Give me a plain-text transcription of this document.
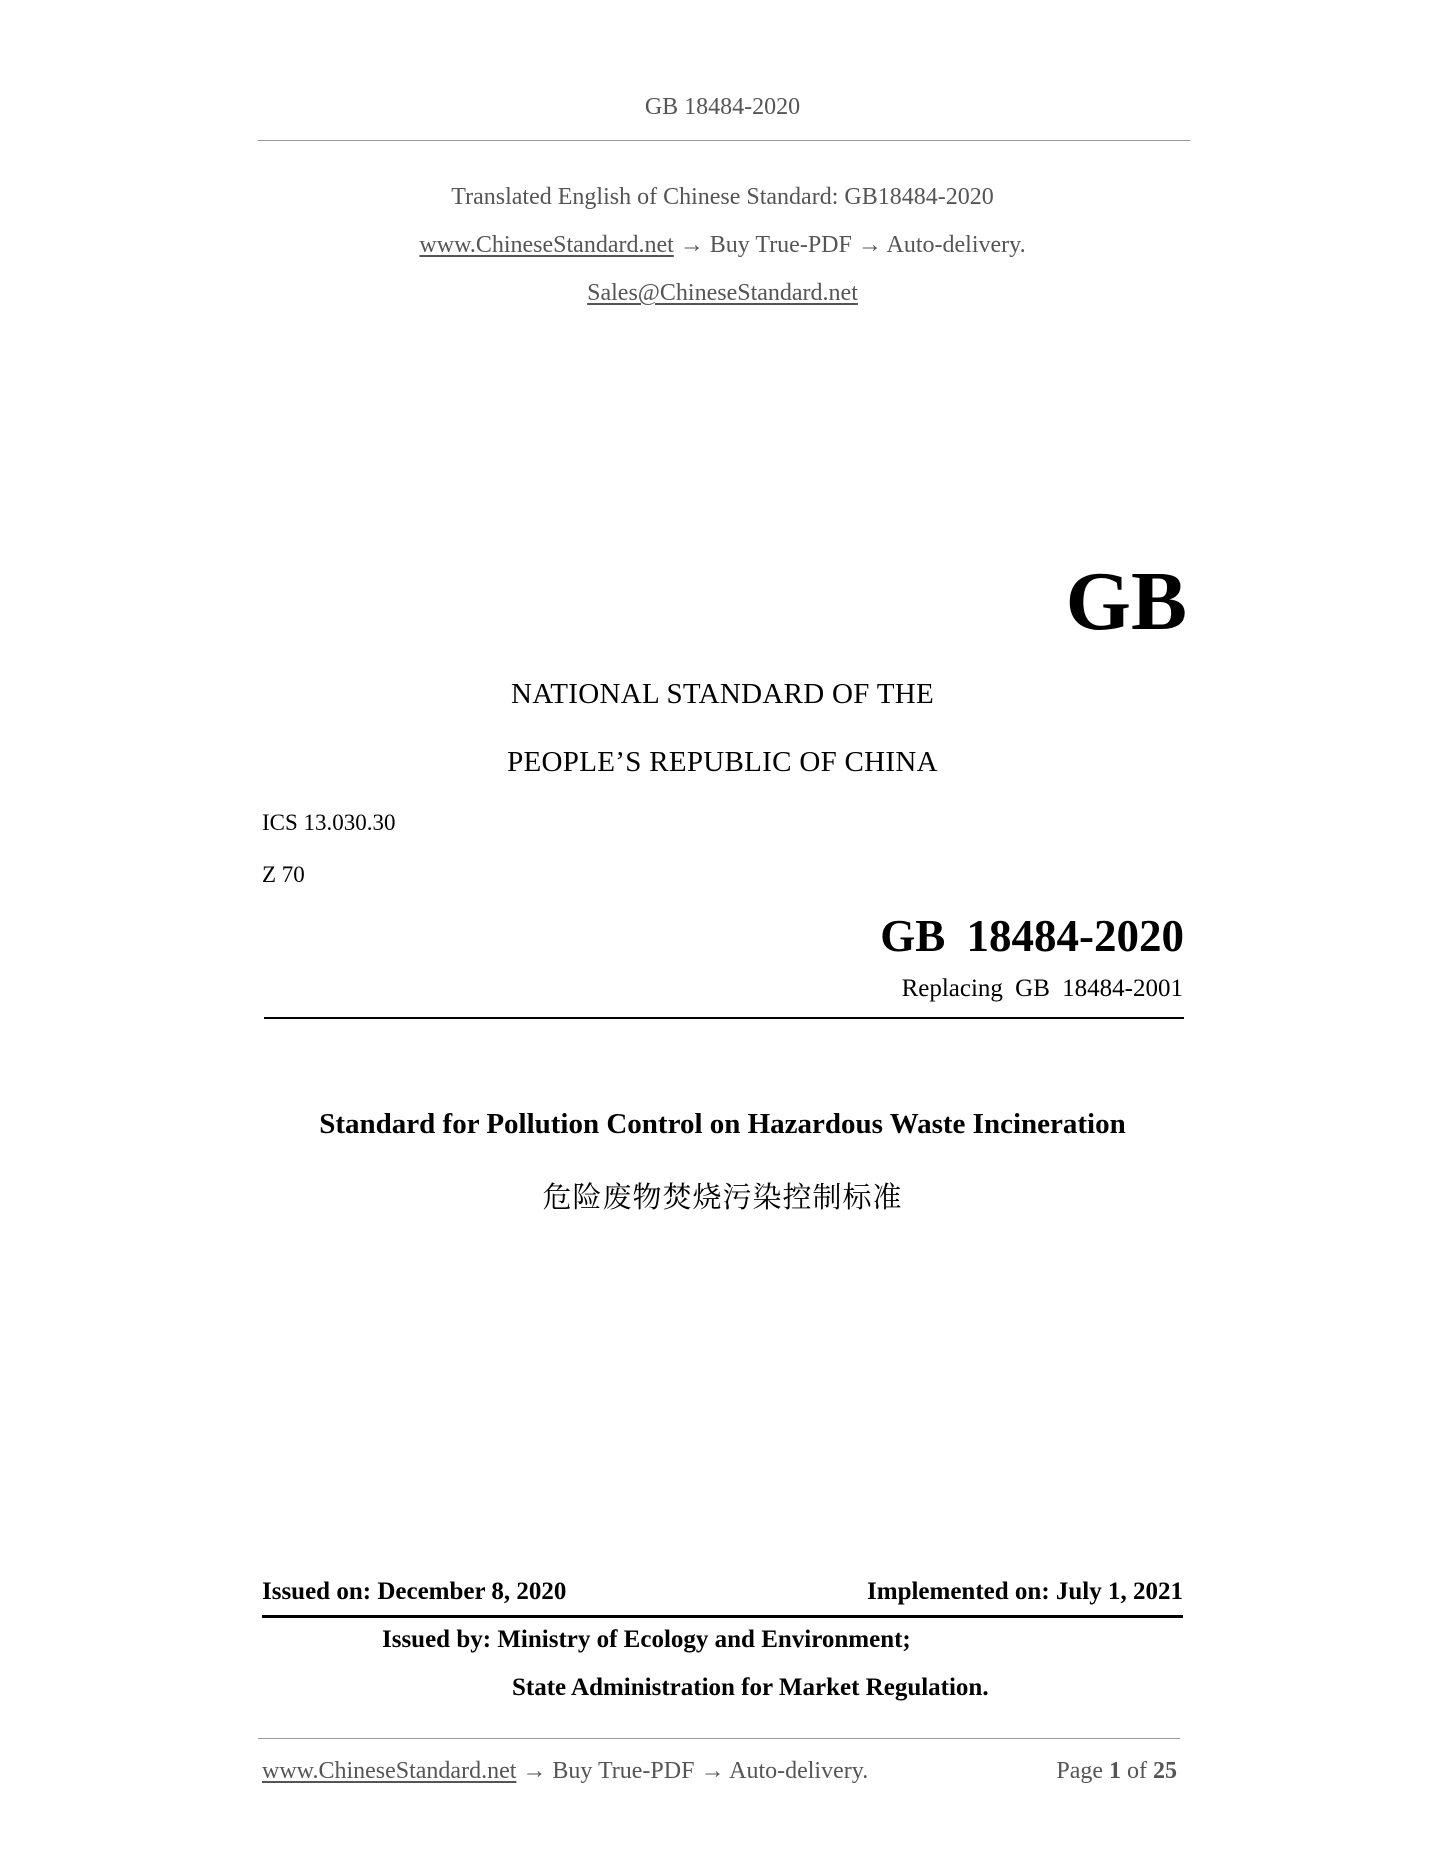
GB 18484-2020
Translated English of Chinese Standard: GB18484-2020
www.ChineseStandard.net → Buy True-PDF → Auto-delivery.
Sales@ChineseStandard.net
GB
NATIONAL STANDARD OF THE
PEOPLE’S REPUBLIC OF CHINA
ICS 13.030.30
Z 70
GB 18484-2020
Replacing GB 18484-2001
Standard for Pollution Control on Hazardous Waste Incineration
危险废物焚烧污染控制标准
Issued on: December 8, 2020	Implemented on: July 1, 2021
Issued by: Ministry of Ecology and Environment;
State Administration for Market Regulation.
www.ChineseStandard.net → Buy True-PDF → Auto-delivery.	Page 1 of 25
